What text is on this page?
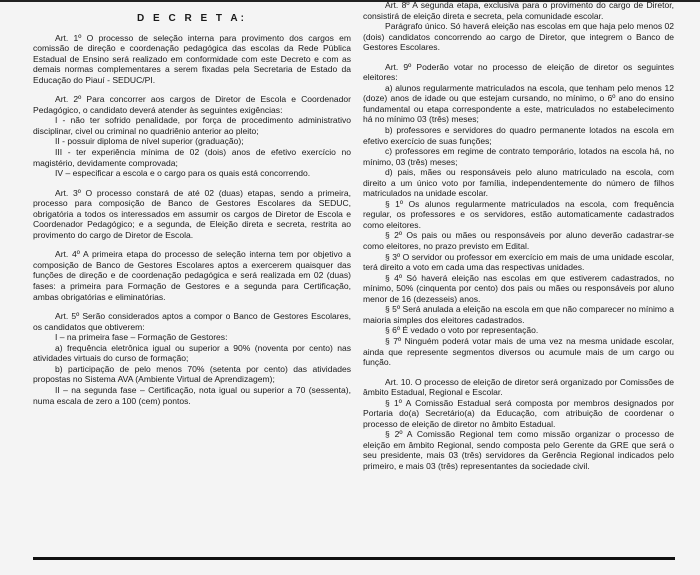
D E C R E T A:

Art. 1º O processo de seleção interna para provimento dos cargos em comissão de direção e coordenação pedagógica das escolas da Rede Pública Estadual de Ensino será realizado em conformidade com este Decreto e com as demais normas complementares a serem fixadas pela Secretaria de Estado da Educação do Piauí - SEDUC/PI.

Art. 2º Para concorrer aos cargos de Diretor de Escola e Coordenador Pedagógico, o candidato deverá atender às seguintes exigências:

I - não ter sofrido penalidade, por força de procedimento administrativo disciplinar, civel ou criminal no quadriênio anterior ao pleito;

II - possuir diploma de nível superior (graduação);

III - ter experiência mínima de 02 (dois) anos de efetivo exercício no magistério, devidamente comprovada;

IV – especificar a escola e o cargo para os quais está concorrendo.

Art. 3º O processo constará de até 02 (duas) etapas, sendo a primeira, processo para composição de Banco de Gestores Escolares da SEDUC, obrigatória a todos os interessados em assumir os cargos de Diretor de Escola e Coordenador Pedagógico; e a segunda, de Eleição direta e secreta, restrita ao provimento do cargo de Diretor de Escola.

Art. 4º A primeira etapa do processo de seleção interna tem por objetivo a composição de Banco de Gestores Escolares aptos a exercerem quaisquer das funções de direção e de coordenação pedagógica e será realizada em 02 (duas) fases: a primeira para Formação de Gestores e a segunda para Certificação, ambas obrigatórias e eliminatórias.

Art. 5º Serão considerados aptos a compor o Banco de Gestores Escolares, os candidatos que obtiverem:

I – na primeira fase – Formação de Gestores:

a) frequência eletrônica igual ou superior a 90% (noventa por cento) nas atividades virtuais do curso de formação;

b) participação de pelo menos 70% (setenta por cento) das atividades propostas no Sistema AVA (Ambiente Virtual de Aprendizagem);

II – na segunda fase – Certificação, nota igual ou superior a 70 (sessenta), numa escala de zero a 100 (cem) pontos.

Art. 8º A segunda etapa, exclusiva para o provimento do cargo de Diretor, consistirá de eleição direta e secreta, pela comunidade escolar.

Parágrafo único. Só haverá eleição nas escolas em que haja pelo menos 02 (dois) candidatos concorrendo ao cargo de Diretor, que integrem o Banco de Gestores Escolares.

Art. 9º Poderão votar no processo de eleição de diretor os seguintes eleitores:

a) alunos regularmente matriculados na escola, que tenham pelo menos 12 (doze) anos de idade ou que estejam cursando, no mínimo, o 6º ano do ensino fundamental ou etapa correspondente a este, matriculados no estabelecimento há no mínimo 03 (três) meses;

b) professores e servidores do quadro permanente lotados na escola em efetivo exercício de suas funções;

c) professores em regime de contrato temporário, lotados na escola há, no mínimo, 03 (três) meses;

d) pais, mães ou responsáveis pelo aluno matriculado na escola, com direito a um único voto por família, independentemente do número de filhos matriculados na unidade escolar.

§ 1º Os alunos regularmente matriculados na escola, com frequência regular, os professores e os servidores, estão automaticamente cadastrados como eleitores.

§ 2º Os pais ou mães ou responsáveis por aluno deverão cadastrar-se como eleitores, no prazo previsto em Edital.

§ 3º O servidor ou professor em exercício em mais de uma unidade escolar, terá direito a voto em cada uma das respectivas unidades.

§ 4º Só haverá eleição nas escolas em que estiverem cadastrados, no mínimo, 50% (cinquenta por cento) dos pais ou mães ou responsáveis por aluno menor de 16 (dezesseis) anos.

§ 5º Será anulada a eleição na escola em que não comparecer no mínimo a maioria simples dos eleitores cadastrados.

§ 6º É vedado o voto por representação.

§ 7º Ninguém poderá votar mais de uma vez na mesma unidade escolar, ainda que represente segmentos diversos ou acumule mais de um cargo ou função.

Art. 10. O processo de eleição de diretor será organizado por Comissões de âmbito Estadual, Regional e Escolar.

§ 1º A Comissão Estadual será composta por membros designados por Portaria do(a) Secretário(a) da Educação, com atribuição de coordenar o processo de eleição de diretor no âmbito Estadual.

§ 2º A Comissão Regional tem como missão organizar o processo de eleição em âmbito Regional, sendo composta pelo Gerente da GRE que será o seu presidente, mais 03 (três) servidores da Gerência Regional indicados pelo primeiro, e mais 03 (três) representantes da sociedade civil.
